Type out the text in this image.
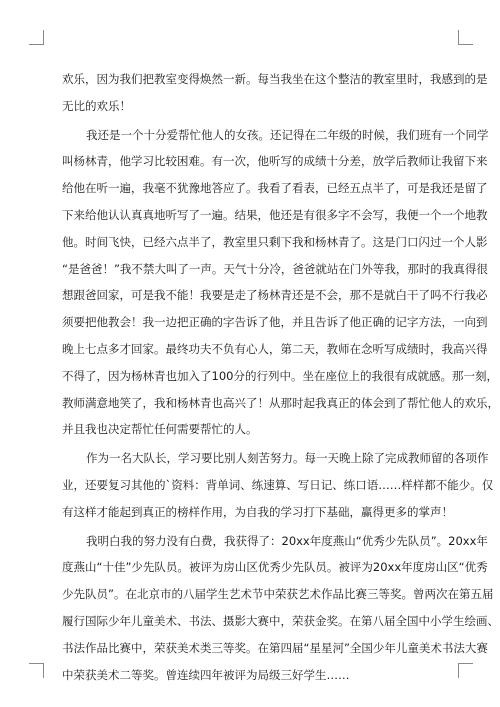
欢乐，因为我们把教室变得焕然一新。每当我坐在这个整洁的教室里时，我感到的是
无比的欢乐！
我还是一个十分爱帮忙他人的女孩。还记得在二年级的时候，我们班有一个同学
叫杨林青，他学习比较困难。有一次，他听写的成绩十分差，放学后教师让我留下来
给他在听一遍，我毫不犹豫地答应了。我看了看表，已经五点半了，可是我还是留了
下来给他认认真真地听写了一遍。结果，他还是有很多字不会写，我便一个一个地教
他。时间飞快，已经六点半了，教室里只剩下我和杨林青了。这是门口闪过一个人影
“是爸爸！”我不禁大叫了一声。天气十分冷，爸爸就站在门外等我，那时的我真得很
想跟爸回家，可是我不能！我要是走了杨林青还是不会，那不是就白干了吗不行我必
须要把他教会！我一边把正确的字告诉了他，并且告诉了他正确的记字方法，一向到
晚上七点多才回家。最终功夫不负有心人，第二天，教师在念听写成绩时，我高兴得
不得了，因为杨林青也加入了100分的行列中。坐在座位上的我很有成就感。那一刻，
教师满意地笑了，我和杨林青也高兴了！从那时起我真正的体会到了帮忙他人的欢乐，
并且我也决定帮忙任何需要帮忙的人。
作为一名大队长，学习要比别人刻苦努力。每一天晚上除了完成教师留的各项作
业，还要复习其他的`资料：背单词、练速算、写日记、练口语……样样都不能少。仅
有这样才能起到真正的榜样作用，为自我的学习打下基础，赢得更多的掌声！
我明白我的努力没有白费，我获得了：20xx年度燕山“优秀少先队员”。20xx年
度燕山“十佳”少先队员。被评为房山区优秀少先队员。被评为20xx年度房山区“优秀
少先队员”。在北京市的八届学生艺术节中荣获艺术作品比赛三等奖。曾两次在第五届
履行国际少年儿童美术、书法、摄影大赛中，荣获金奖。在第八届全国中小学生绘画、
书法作品比赛中，荣获美术类三等奖。在第四届“星星河”全国少年儿童美术书法大赛
中荣获美术二等奖。曾连续四年被评为局级三好学生……
